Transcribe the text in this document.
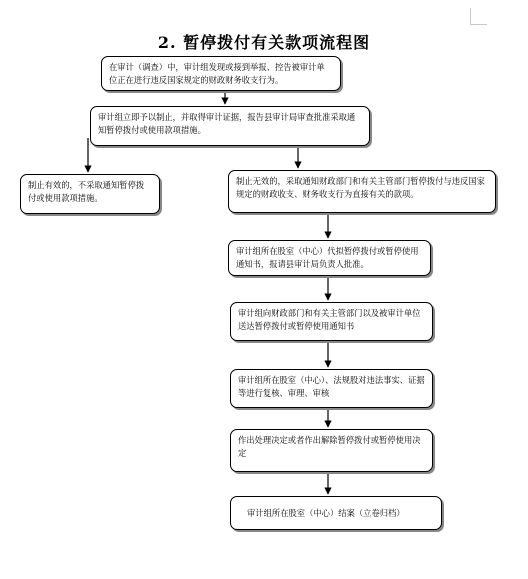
2. 暂停拨付有关款项流程图
在审计（调查）中，审计组发现或接到举报、控告被审计单位正在进行违反国家规定的财政财务收支行为。
审计组立即予以制止，并取得审计证据，报告县审计局审查批准采取通知暂停拨付或使用款项措施。
制止有效的，不采取通知暂停拨付或使用款项措施。
制止无效的，采取通知财政部门和有关主管部门暂停拨付与违反国家规定的财政收支、财务收支行为直接有关的款项。
审计组所在股室（中心）代拟暂停拨付或暂停使用通知书，报请县审计局负责人批准。
审计组向财政部门和有关主管部门以及被审计单位送达暂停拨付或暂停使用通知书
审计组所在股室（中心）、法规股对违法事实、证据等进行复核、审理、审核
作出处理决定或者作出解除暂停拨付或暂停使用决定
审计组所在股室（中心）结案（立卷归档）
